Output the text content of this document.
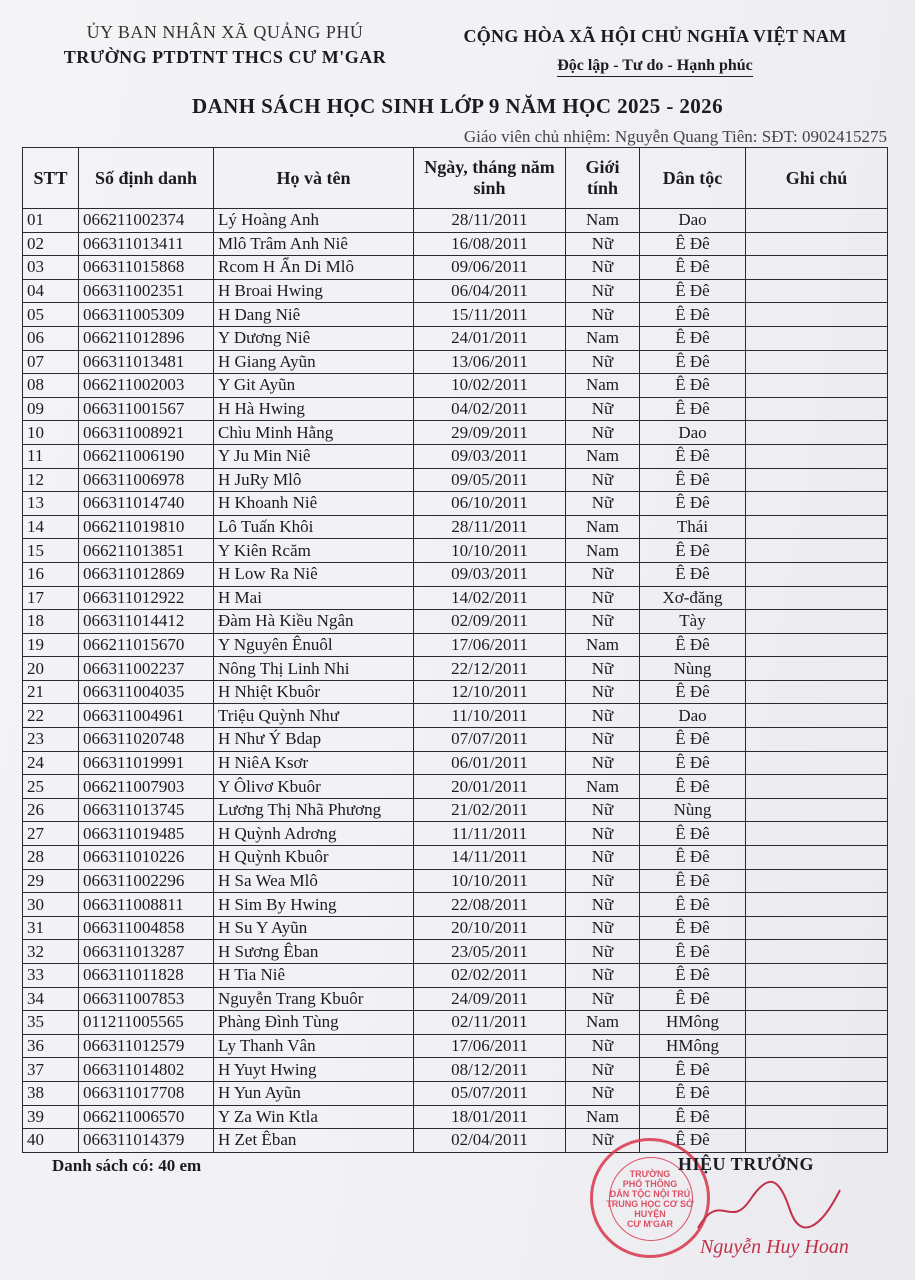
ỦY BAN NHÂN XÃ QUẢNG PHÚ
TRƯỜNG PTDTNT THCS CƯ M'GAR
CỘNG HÒA XÃ HỘI CHỦ NGHĨA VIỆT NAM
Độc lập - Tư do - Hạnh phúc
DANH SÁCH HỌC SINH LỚP 9 NĂM HỌC 2025 - 2026
Giáo viên chủ nhiệm: Nguyễn Quang Tiên: SĐT: 0902415275
STT	Số định danh	Họ và tên	Ngày, tháng năm sinh	Giới tính	Dân tộc	Ghi chú
01	066211002374	Lý Hoàng Anh	28/11/2011	Nam	Dao	
02	066311013411	Mlô Trâm Anh Niê	16/08/2011	Nữ	Ê Đê	
03	066311015868	Rcom H Ẩn Di Mlô	09/06/2011	Nữ	Ê Đê	
04	066311002351	H Broai Hwing	06/04/2011	Nữ	Ê Đê	
05	066311005309	H Dang Niê	15/11/2011	Nữ	Ê Đê	
06	066211012896	Y Dương Niê	24/01/2011	Nam	Ê Đê	
07	066311013481	H Giang Ayũn	13/06/2011	Nữ	Ê Đê	
08	066211002003	Y Git Ayũn	10/02/2011	Nam	Ê Đê	
09	066311001567	H Hà Hwing	04/02/2011	Nữ	Ê Đê	
10	066311008921	Chìu Minh Hằng	29/09/2011	Nữ	Dao	
11	066211006190	Y Ju Min Niê	09/03/2011	Nam	Ê Đê	
12	066311006978	H JuRy Mlô	09/05/2011	Nữ	Ê Đê	
13	066311014740	H Khoanh Niê	06/10/2011	Nữ	Ê Đê	
14	066211019810	Lô Tuấn Khôi	28/11/2011	Nam	Thái	
15	066211013851	Y Kiên Rcăm	10/10/2011	Nam	Ê Đê	
16	066311012869	H Low Ra Niê	09/03/2011	Nữ	Ê Đê	
17	066311012922	H Mai	14/02/2011	Nữ	Xơ-đăng	
18	066311014412	Đàm Hà Kiều Ngân	02/09/2011	Nữ	Tày	
19	066211015670	Y Nguyên Ênuôl	17/06/2011	Nam	Ê Đê	
20	066311002237	Nông Thị Linh Nhi	22/12/2011	Nữ	Nùng	
21	066311004035	H Nhiệt Kbuôr	12/10/2011	Nữ	Ê Đê	
22	066311004961	Triệu Quỳnh Như	11/10/2011	Nữ	Dao	
23	066311020748	H Như Ý Bdap	07/07/2011	Nữ	Ê Đê	
24	066311019991	H NiêA Ksơr	06/01/2011	Nữ	Ê Đê	
25	066211007903	Y Ôlivơ Kbuôr	20/01/2011	Nam	Ê Đê	
26	066311013745	Lương Thị Nhã Phương	21/02/2011	Nữ	Nùng	
27	066311019485	H Quỳnh Adrơng	11/11/2011	Nữ	Ê Đê	
28	066311010226	H Quỳnh Kbuôr	14/11/2011	Nữ	Ê Đê	
29	066311002296	H Sa Wea Mlô	10/10/2011	Nữ	Ê Đê	
30	066311008811	H Sim By Hwing	22/08/2011	Nữ	Ê Đê	
31	066311004858	H Su Y Ayũn	20/10/2011	Nữ	Ê Đê	
32	066311013287	H Sương Êban	23/05/2011	Nữ	Ê Đê	
33	066311011828	H Tia Niê	02/02/2011	Nữ	Ê Đê	
34	066311007853	Nguyễn Trang Kbuôr	24/09/2011	Nữ	Ê Đê	
35	011211005565	Phàng Đình Tùng	02/11/2011	Nam	HMông	
36	066311012579	Ly Thanh Vân	17/06/2011	Nữ	HMông	
37	066311014802	H Yuyt Hwing	08/12/2011	Nữ	Ê Đê	
38	066311017708	H Yun Ayũn	05/07/2011	Nữ	Ê Đê	
39	066211006570	Y Za Win Ktla	18/01/2011	Nam	Ê Đê	
40	066311014379	H Zet Êban	02/04/2011	Nữ	Ê Đê	
Danh sách có: 40 em	TRƯỜNG
PHỔ THÔNG
DÂN TỘC NỘI TRÚ
TRUNG HỌC CƠ SỞ
HUYỆN
CƯ M'GAR
HIỆU TRƯỞNG
Nguyễn Huy Hoan
